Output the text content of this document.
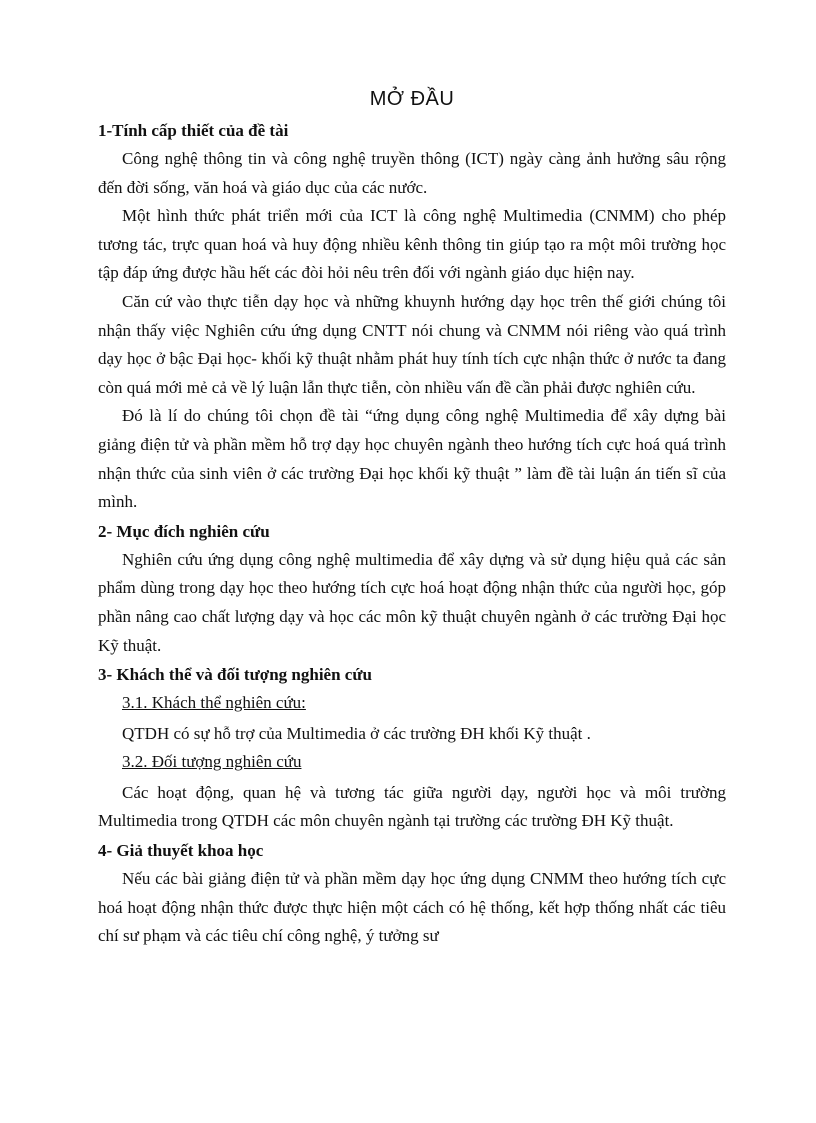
MỞ ĐẦU

1-Tính cấp thiết của đề tài

Công nghệ thông tin và công nghệ truyền thông (ICT) ngày càng ảnh hưởng sâu rộng đến đời sống, văn hoá và giáo dục của các nước.

Một hình thức phát triển mới của ICT là công nghệ Multimedia (CNMM) cho phép tương tác, trực quan hoá và huy động nhiều kênh thông tin giúp tạo ra một môi trường học tập đáp ứng được hầu hết các đòi hỏi nêu trên đối với ngành giáo dục hiện nay.

Căn cứ vào thực tiễn dạy học và những khuynh hướng dạy học trên thế giới chúng tôi nhận thấy việc Nghiên cứu ứng dụng CNTT nói chung và CNMM nói riêng vào quá trình dạy học ở bậc Đại học- khối kỹ thuật nhằm phát huy tính tích cực nhận thức ở nước ta đang còn quá mới mẻ cả về lý luận lẫn thực tiễn, còn nhiều vấn đề cần phải được nghiên cứu.

Đó là lí do chúng tôi chọn đề tài “ứng dụng công nghệ Multimedia để xây dựng bài giảng điện tử và phần mềm hỗ trợ dạy học chuyên ngành theo hướng tích cực hoá quá trình nhận thức của sinh viên ở các trường Đại học khối kỹ thuật ” làm đề tài luận án tiến sĩ của mình.

2- Mục đích nghiên cứu

Nghiên cứu ứng dụng công nghệ multimedia để xây dựng và sử dụng hiệu quả các sản phẩm dùng trong dạy học theo hướng tích cực hoá hoạt động nhận thức của người học, góp phần nâng cao chất lượng dạy và học các môn kỹ thuật chuyên ngành ở các trường Đại học Kỹ thuật.

3- Khách thể và đối tượng nghiên cứu

3.1. Khách thể nghiên cứu:

QTDH có sự hỗ trợ của Multimedia ở các trường ĐH khối Kỹ thuật .

3.2. Đối tượng nghiên cứu

Các hoạt động, quan hệ và tương tác giữa người dạy, người học và môi trường Multimedia trong QTDH các môn chuyên ngành tại trường các trường ĐH Kỹ thuật.

4- Giả thuyết khoa học

Nếu các bài giảng điện tử và phần mềm dạy học ứng dụng CNMM theo hướng tích cực hoá hoạt động nhận thức được thực hiện một cách có hệ thống, kết hợp thống nhất các tiêu chí sư phạm và các tiêu chí công nghệ, ý tưởng sư
